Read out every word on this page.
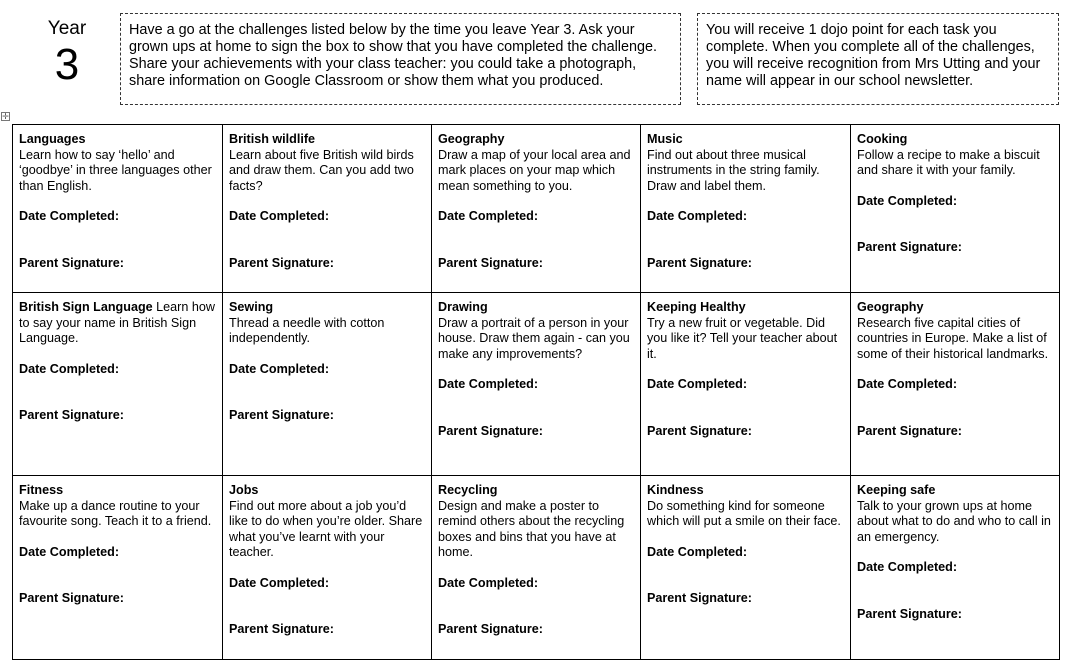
Year
3
Have a go at the challenges listed below by the time you leave Year 3. Ask your grown ups at home to sign the box to show that you have completed the challenge. Share your achievements with your class teacher: you could take a photograph, share information on Google Classroom or show them what you produced.
You will receive 1 dojo point for each task you complete. When you complete all of the challenges, you will receive recognition from Mrs Utting and your name will appear in our school newsletter.
✛
Languages
Learn how to say ‘hello’ and ‘goodbye’ in three languages other than English.
Date Completed:
Parent Signature:	British wildlife
Learn about five British wild birds and draw them. Can you add two facts?
Date Completed:
Parent Signature:	Geography
Draw a map of your local area and mark places on your map which mean something to you.
Date Completed:
Parent Signature:	Music
Find out about three musical instruments in the string family. Draw and label them.
Date Completed:
Parent Signature:	Cooking
Follow a recipe to make a biscuit and share it with your family.
Date Completed:
Parent Signature:

British Sign Language Learn how to say your name in British Sign Language.
Date Completed:
Parent Signature:	Sewing
Thread a needle with cotton independently.
Date Completed:
Parent Signature:	Drawing
Draw a portrait of a person in your house. Draw them again - can you make any improvements?
Date Completed:
Parent Signature:	Keeping Healthy
Try a new fruit or vegetable. Did you like it? Tell your teacher about it.
Date Completed:
Parent Signature:	Geography
Research five capital cities of countries in Europe. Make a list of some of their historical landmarks.
Date Completed:
Parent Signature:

Fitness
Make up a dance routine to your favourite song. Teach it to a friend.
Date Completed:
Parent Signature:	Jobs
Find out more about a job you’d like to do when you’re older. Share what you’ve learnt with your teacher.
Date Completed:
Parent Signature:	Recycling
Design and make a poster to remind others about the recycling boxes and bins that you have at home.
Date Completed:
Parent Signature:	Kindness
Do something kind for someone which will put a smile on their face.
Date Completed:
Parent Signature:	Keeping safe
Talk to your grown ups at home about what to do and who to call in an emergency.
Date Completed:
Parent Signature:
